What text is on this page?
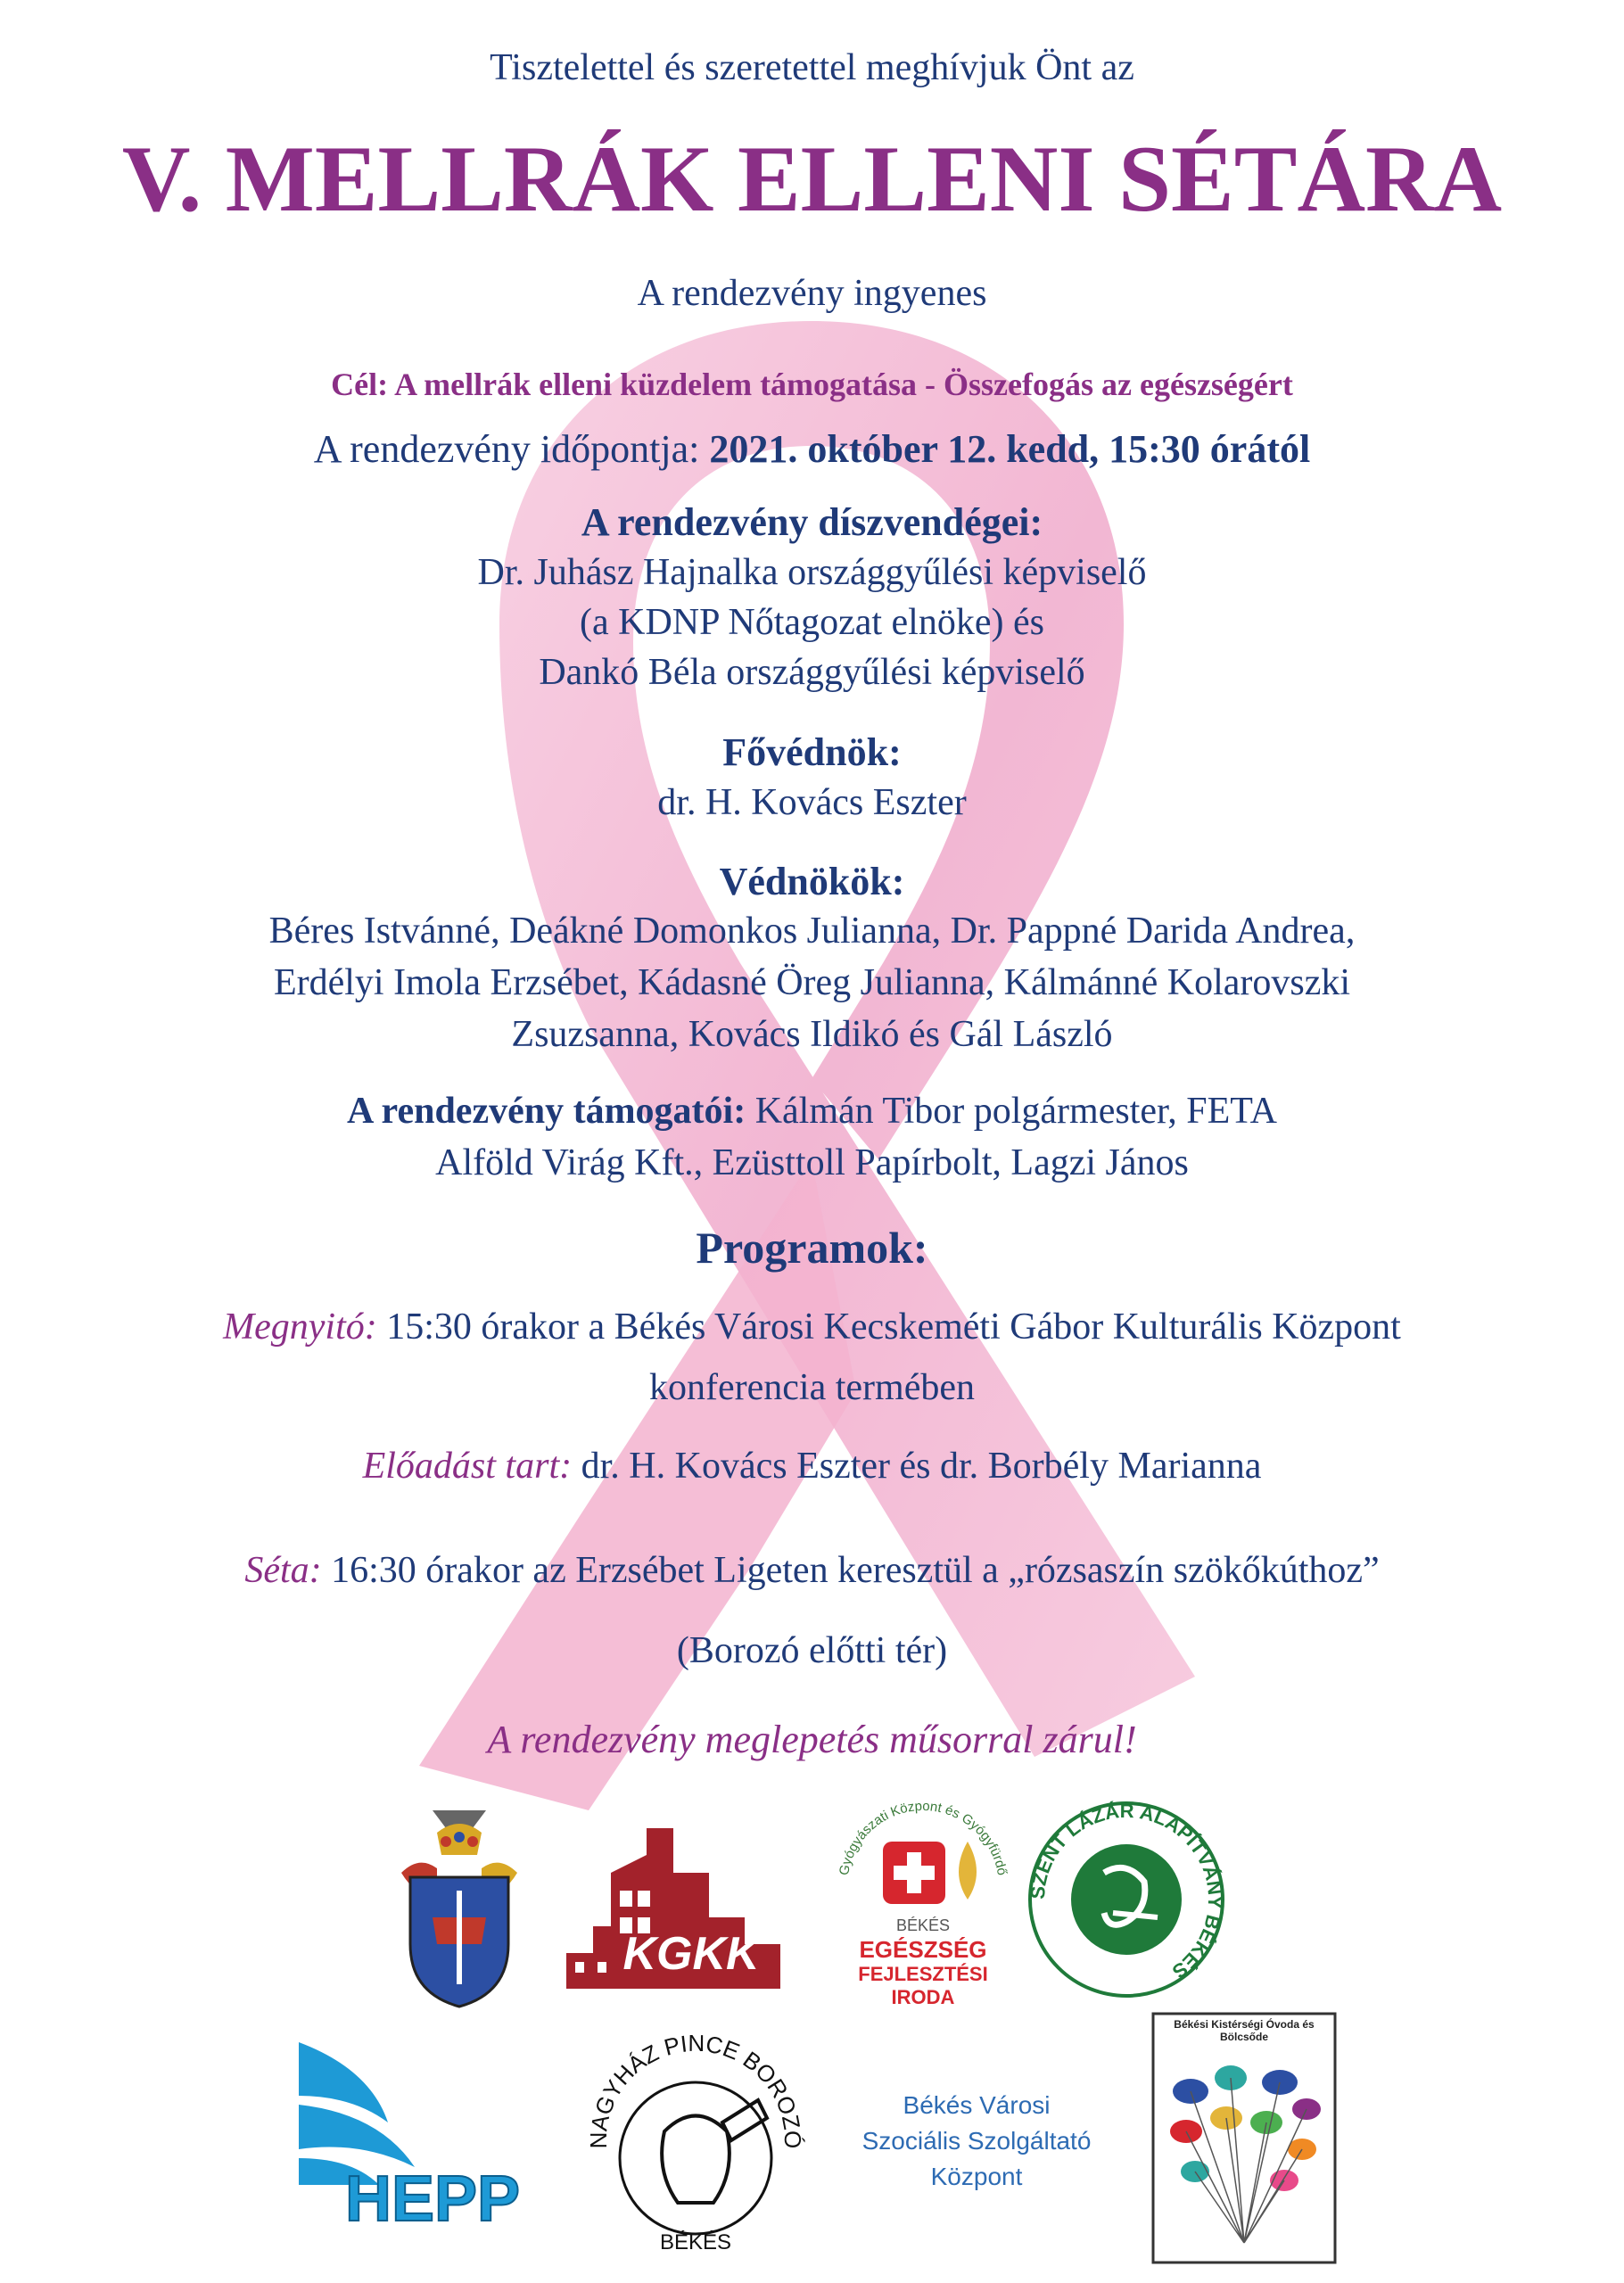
Tisztelettel és szeretettel meghívjuk Önt az
V. MELLRÁK ELLENI SÉTÁRA
A rendezvény ingyenes
Cél: A mellrák elleni küzdelem támogatása - Összefogás az egészségért
A rendezvény időpontja: 2021. október 12. kedd, 15:30 órától
A rendezvény díszvendégei:
Dr. Juhász Hajnalka országgyűlési képviselő
(a KDNP Nőtagozat elnöke) és
Dankó Béla országgyűlési képviselő
Fővédnök:
dr. H. Kovács Eszter
Védnökök:
Béres Istvánné, Deákné Domonkos Julianna, Dr. Pappné Darida Andrea,
Erdélyi Imola Erzsébet, Kádasné Öreg Julianna, Kálmánné Kolarovszki
Zsuzsanna, Kovács Ildikó és Gál László
A rendezvény támogatói: Kálmán Tibor polgármester, FETA
Alföld Virág Kft., Ezüsttoll Papírbolt, Lagzi János
Programok:
Megnyitó: 15:30 órakor a Békés Városi Kecskeméti Gábor Kulturális Központ
konferencia termében
Előadást tart: dr. H. Kovács Eszter és dr. Borbély Marianna
Séta: 16:30 órakor az Erzsébet Ligeten keresztül a „rózsaszín szökőkúthoz”
(Borozó előtti tér)
A rendezvény meglepetés műsorral zárul!
KGKK
Gyógyászati Központ és Gyógyfürdő
BÉKÉS
EGÉSZSÉG
FEJLESZTÉSI
IRODA
SZENT LÁZÁR ALAPÍTVÁNY BÉKÉS
HEPP
NAGYHÁZ PINCE BOROZÓ
BÉKÉS
Békés Városi
Szociális Szolgáltató
Központ
Békési Kistérségi Óvoda és Bölcsőde
